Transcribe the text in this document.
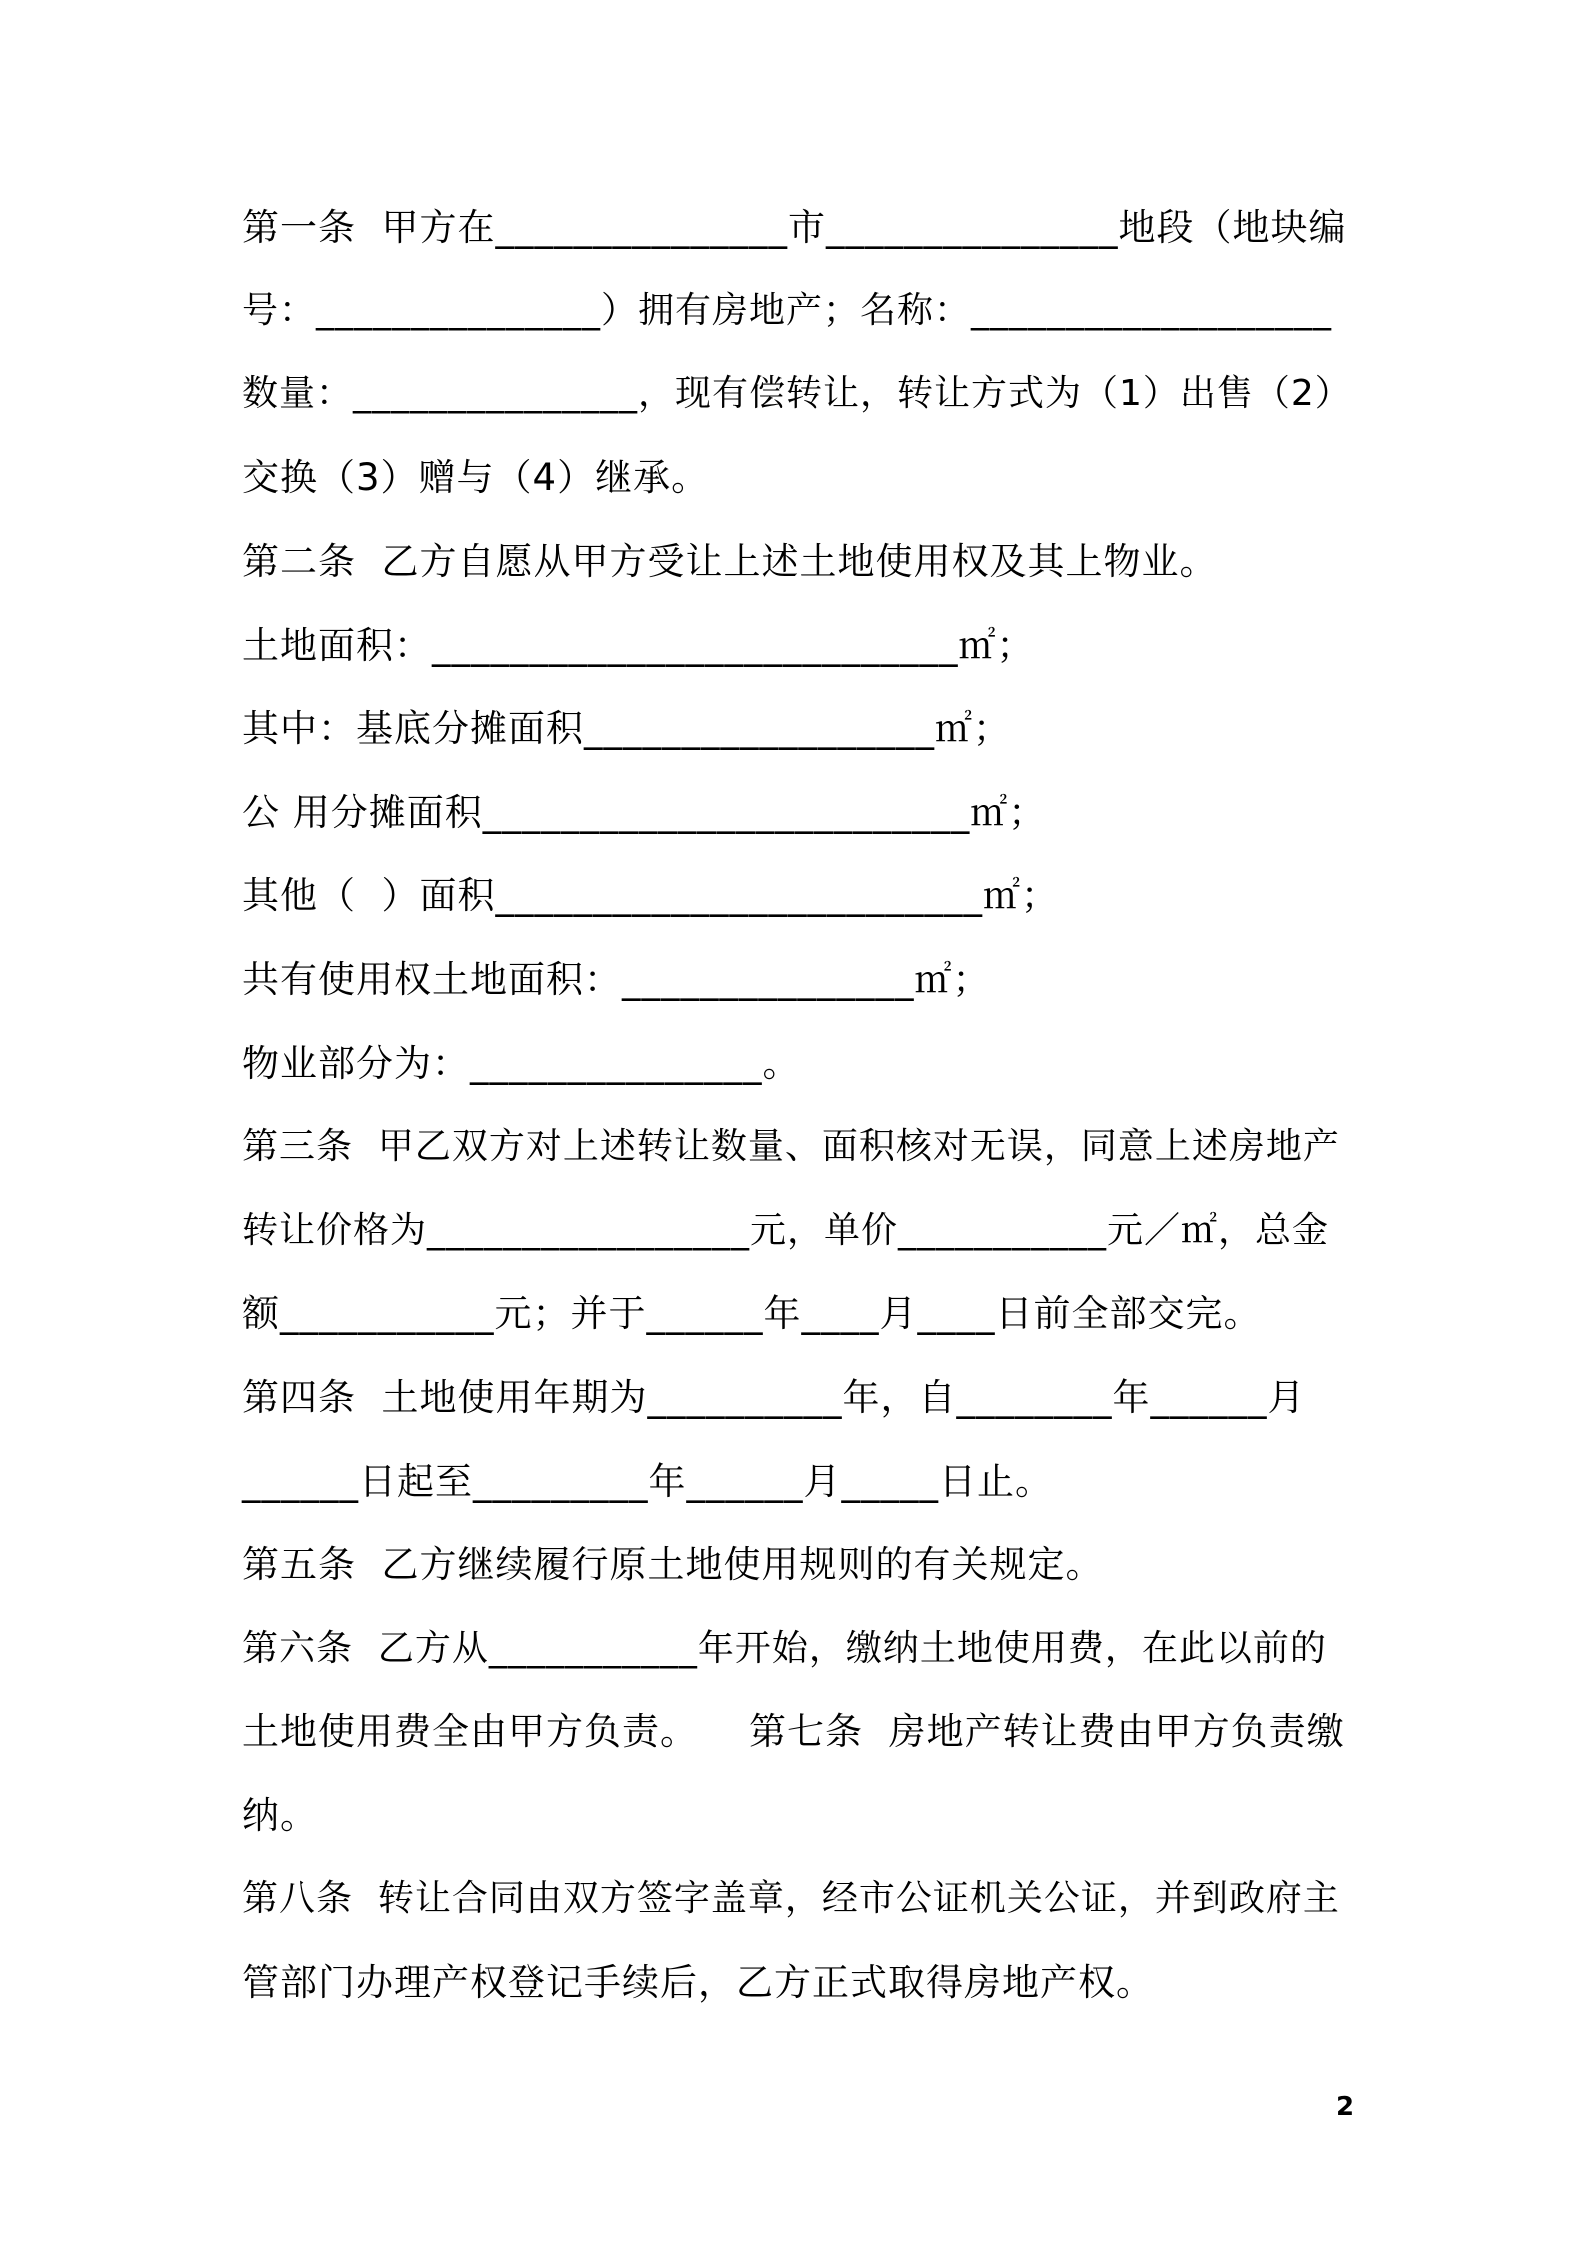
第一条  甲方在_______________市_______________地段（地块编
号：_______________）拥有房地产；名称：___________________
数量：_______________，现有偿转让，转让方式为（1）出售（2）
交换（3）赠与（4）继承。
第二条  乙方自愿从甲方受让上述土地使用权及其上物业。
土地面积：___________________________㎡；
其中：基底分摊面积__________________㎡；
公 用分摊面积_________________________㎡；
其他（  ）面积_________________________㎡；
共有使用权土地面积：_______________㎡；
物业部分为：_______________。
第三条  甲乙双方对上述转让数量、面积核对无误，同意上述房地产
转让价格为_________________元，单价___________元／㎡，总金
额___________元；并于______年____月____日前全部交完。
第四条  土地使用年期为__________年，自________年______月
______日起至_________年______月_____日止。
第五条  乙方继续履行原土地使用规则的有关规定。
第六条  乙方从___________年开始，缴纳土地使用费，在此以前的
土地使用费全由甲方负责。    第七条  房地产转让费由甲方负责缴
纳。
第八条  转让合同由双方签字盖章，经市公证机关公证，并到政府主
管部门办理产权登记手续后，乙方正式取得房地产权。
2
